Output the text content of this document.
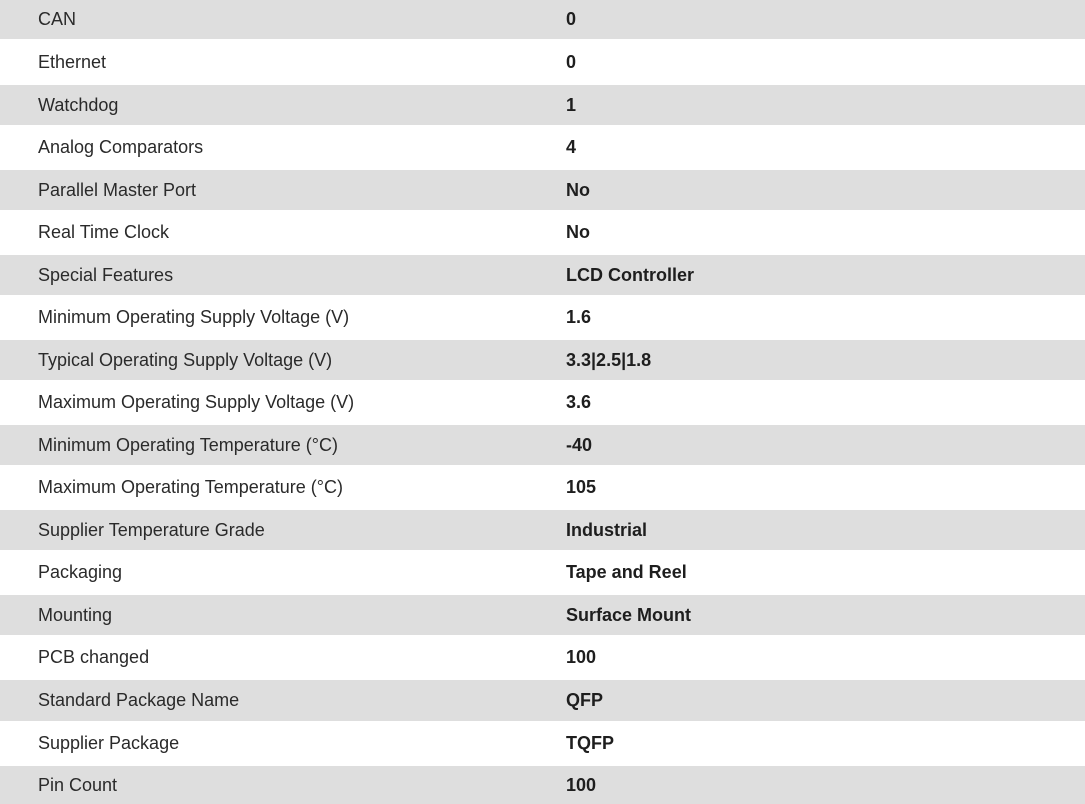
CAN	0
Ethernet	0
Watchdog	1
Analog Comparators	4
Parallel Master Port	No
Real Time Clock	No
Special Features	LCD Controller
Minimum Operating Supply Voltage (V)	1.6
Typical Operating Supply Voltage (V)	3.3|2.5|1.8
Maximum Operating Supply Voltage (V)	3.6
Minimum Operating Temperature (°C)	-40
Maximum Operating Temperature (°C)	105
Supplier Temperature Grade	Industrial
Packaging	Tape and Reel
Mounting	Surface Mount
PCB changed	100
Standard Package Name	QFP
Supplier Package	TQFP
Pin Count	100
